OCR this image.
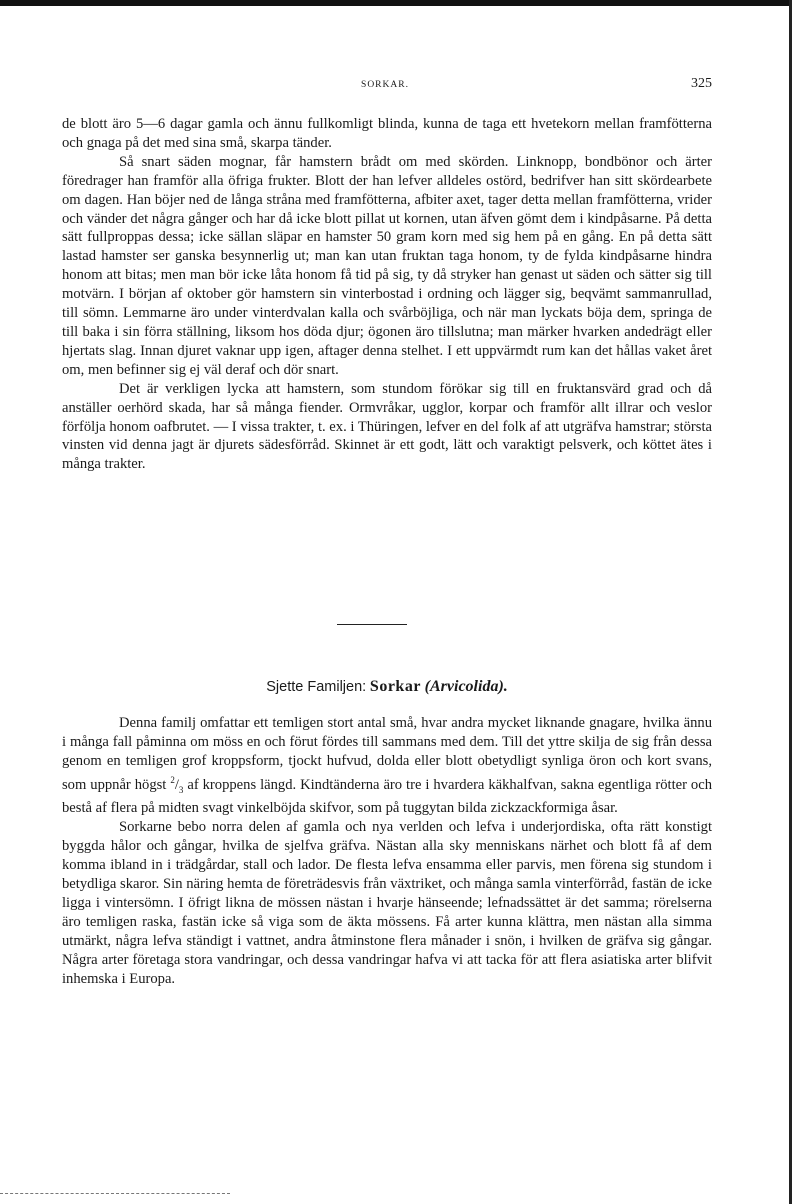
SORKAR.	325

de blott äro 5—6 dagar gamla och ännu fullkomligt blinda, kunna de taga ett hvetekorn mellan framfötterna och gnaga på det med sina små, skarpa tänder.

Så snart säden mognar, får hamstern brådt om med skörden. Linknopp, bondbönor och ärter föredrager han framför alla öfriga frukter. Blott der han lefver alldeles ostörd, bedrifver han sitt skördearbete om dagen. Han böjer ned de långa stråna med framfötterna, afbiter axet, tager detta mellan framfötterna, vrider och vänder det några gånger och har då icke blott pillat ut kornen, utan äfven gömt dem i kindpåsarne. På detta sätt fullproppas dessa; icke sällan släpar en hamster 50 gram korn med sig hem på en gång. En på detta sätt lastad hamster ser ganska besynnerlig ut; man kan utan fruktan taga honom, ty de fylda kindpåsarne hindra honom att bitas; men man bör icke låta honom få tid på sig, ty då stryker han genast ut säden och sätter sig till motvärn. I början af oktober gör hamstern sin vinterbostad i ordning och lägger sig, beqvämt sammanrullad, till sömn. Lemmarne äro under vinterdvalan kalla och svårböjliga, och när man lyckats böja dem, springa de till baka i sin förra ställning, liksom hos döda djur; ögonen äro tillslutna; man märker hvarken andedrägt eller hjertats slag. Innan djuret vaknar upp igen, aftager denna stelhet. I ett uppvärmdt rum kan det hållas vaket året om, men befinner sig ej väl deraf och dör snart.

Det är verkligen lycka att hamstern, som stundom förökar sig till en fruktansvärd grad och då anställer oerhörd skada, har så många fiender. Ormvråkar, ugglor, korpar och framför allt illrar och veslor förfölja honom oafbrutet. — I vissa trakter, t. ex. i Thüringen, lefver en del folk af att utgräfva hamstrar; största vinsten vid denna jagt är djurets sädesförråd. Skinnet är ett godt, lätt och varaktigt pelsverk, och köttet ätes i många trakter.

Sjette Familjen: Sorkar (Arvicolida).

Denna familj omfattar ett temligen stort antal små, hvar andra mycket liknande gnagare, hvilka ännu i många fall påminna om möss en och förut fördes till sammans med dem. Till det yttre skilja de sig från dessa genom en temligen grof kroppsform, tjockt hufvud, dolda eller blott obetydligt synliga öron och kort svans, som uppnår högst $^2/_3$ af kroppens längd. Kindtänderna äro tre i hvardera käkhalfvan, sakna egentliga rötter och bestå af flera på midten svagt vinkelböjda skifvor, som på tuggytan bilda zickzackformiga åsar.

Sorkarne bebo norra delen af gamla och nya verlden och lefva i underjordiska, ofta rätt konstigt byggda hålor och gångar, hvilka de sjelfva gräfva. Nästan alla sky menniskans närhet och blott få af dem komma ibland in i trädgårdar, stall och lador. De flesta lefva ensamma eller parvis, men förena sig stundom i betydliga skaror. Sin näring hemta de företrädesvis från växtriket, och många samla vinterförråd, fastän de icke ligga i vintersömn. I öfrigt likna de mössen nästan i hvarje hänseende; lefnadssättet är det samma; rörelserna äro temligen raska, fastän icke så viga som de äkta mössens. Få arter kunna klättra, men nästan alla simma utmärkt, några lefva ständigt i vattnet, andra åtminstone flera månader i snön, i hvilken de gräfva sig gångar. Några arter företaga stora vandringar, och dessa vandringar hafva vi att tacka för att flera asiatiska arter blifvit inhemska i Europa.
